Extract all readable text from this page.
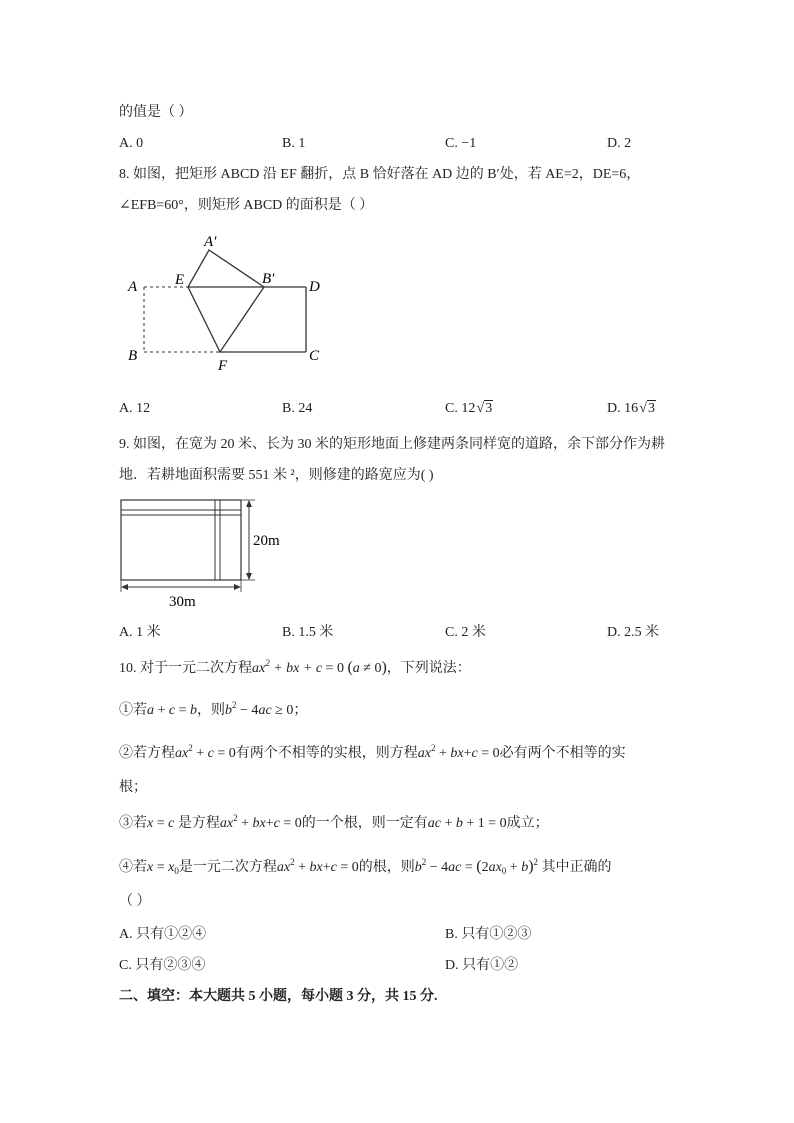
的值是（ ）
A. 0	B. 1	C. −1	D. 2
8. 如图，把矩形 ABCD 沿 EF 翻折，点 B 恰好落在 AD 边的 B′处，若 AE=2，DE=6，
∠EFB=60°，则矩形 ABCD 的面积是（ ）
A′
A	E	B′ D
B
F
C
A. 12	B. 24	C. 12 √3	D. 16 √3
9. 如图，在宽为 20 米、长为 30 米的矩形地面上修建两条同样宽的道路，余下部分作为耕
地．若耕地面积需要 551 米 ²，则修建的路宽应为( )
20m
30m
A. 1 米	B. 1.5 米	C. 2 米	D. 2.5 米
10. 对于一元二次方程$ax^2$ + bx + c = 0 (a ≠ 0)，下列说法：
①若a + c = b，则$b^2 - 4ac \ge 0$；
②若方程$ax^2 + c = 0$有两个不相等的实根，则方程$ax^2 + bx+c = 0$必有两个不相等的实
根；
③若x = c 是方程$ax^2 + bx+c = 0$的一个根，则一定有ac + b + 1 = 0成立；
④若$x = x_0$是一元二次方程$ax^2 + bx+c = 0$的根，则$b^2 - 4ac = (2ax_0 + b)^2$ 其中正确的
（ ）
A. 只有①②④	B. 只有①②③
C. 只有②③④	D. 只有①②
二、填空：本大题共 5 小题，每小题 3 分，共 15 分.
